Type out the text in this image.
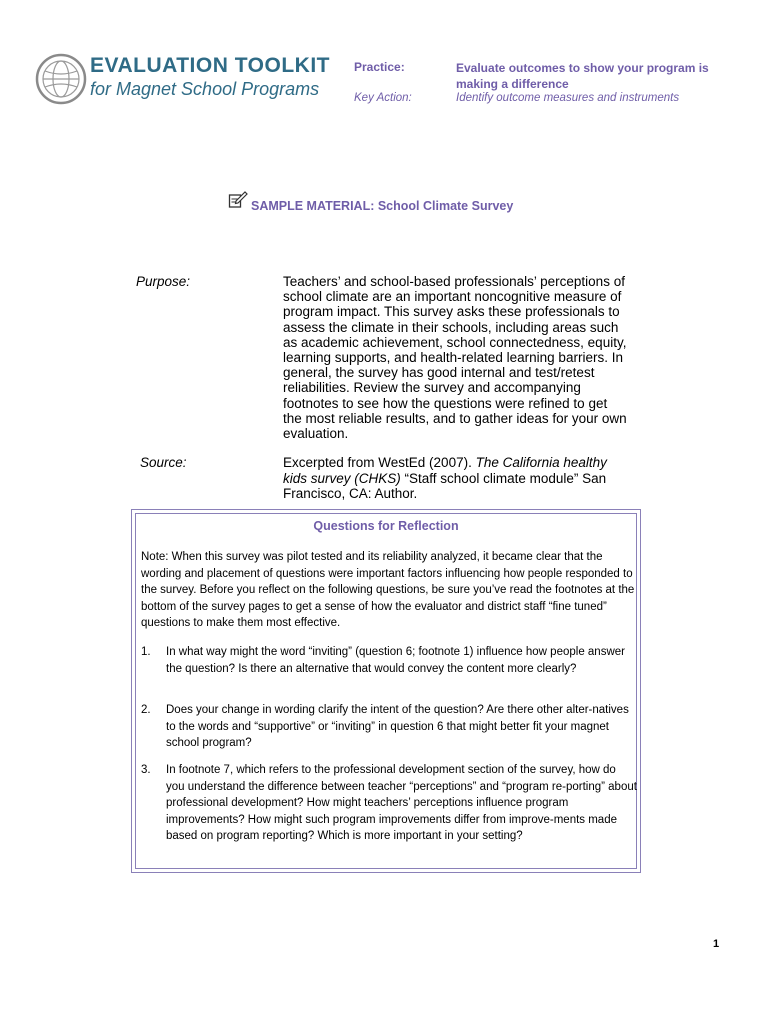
EVALUATION TOOLKIT
for Magnet School Programs
Practice:	Evaluate outcomes to show your program is making a difference
Key Action:	Identify outcome measures and instruments
SAMPLE MATERIAL: School Climate Survey
Purpose:	Teachers’ and school-based professionals’ perceptions of school climate are an important noncognitive measure of program impact. This survey asks these professionals to assess the climate in their schools, including areas such as academic achievement, school connectedness, equity, learning supports, and health-related learning barriers. In general, the survey has good internal and test/retest reliabilities. Review the survey and accompanying footnotes to see how the questions were refined to get the most reliable results, and to gather ideas for your own evaluation.
Source:	Excerpted from WestEd (2007). The California healthy kids survey (CHKS) “Staff school climate module” San Francisco, CA: Author.
Questions for Reflection
Note: When this survey was pilot tested and its reliability analyzed, it became clear that the wording and placement of questions were important factors influencing how people responded to the survey. Before you reflect on the following questions, be sure you’ve read the footnotes at the bottom of the survey pages to get a sense of how the evaluator and district staff “fine tuned” questions to make them most effective.
1. In what way might the word “inviting” (question 6; footnote 1) influence how people answer the question? Is there an alternative that would convey the content more clearly?
2. Does your change in wording clarify the intent of the question? Are there other alter-natives to the words and “supportive” or “inviting” in question 6 that might better fit your magnet school program?
3. In footnote 7, which refers to the professional development section of the survey, how do you understand the difference between teacher “perceptions” and “program re-porting” about professional development? How might teachers’ perceptions influence program improvements? How might such program improvements differ from improve-ments made based on program reporting? Which is more important in your setting?
1
